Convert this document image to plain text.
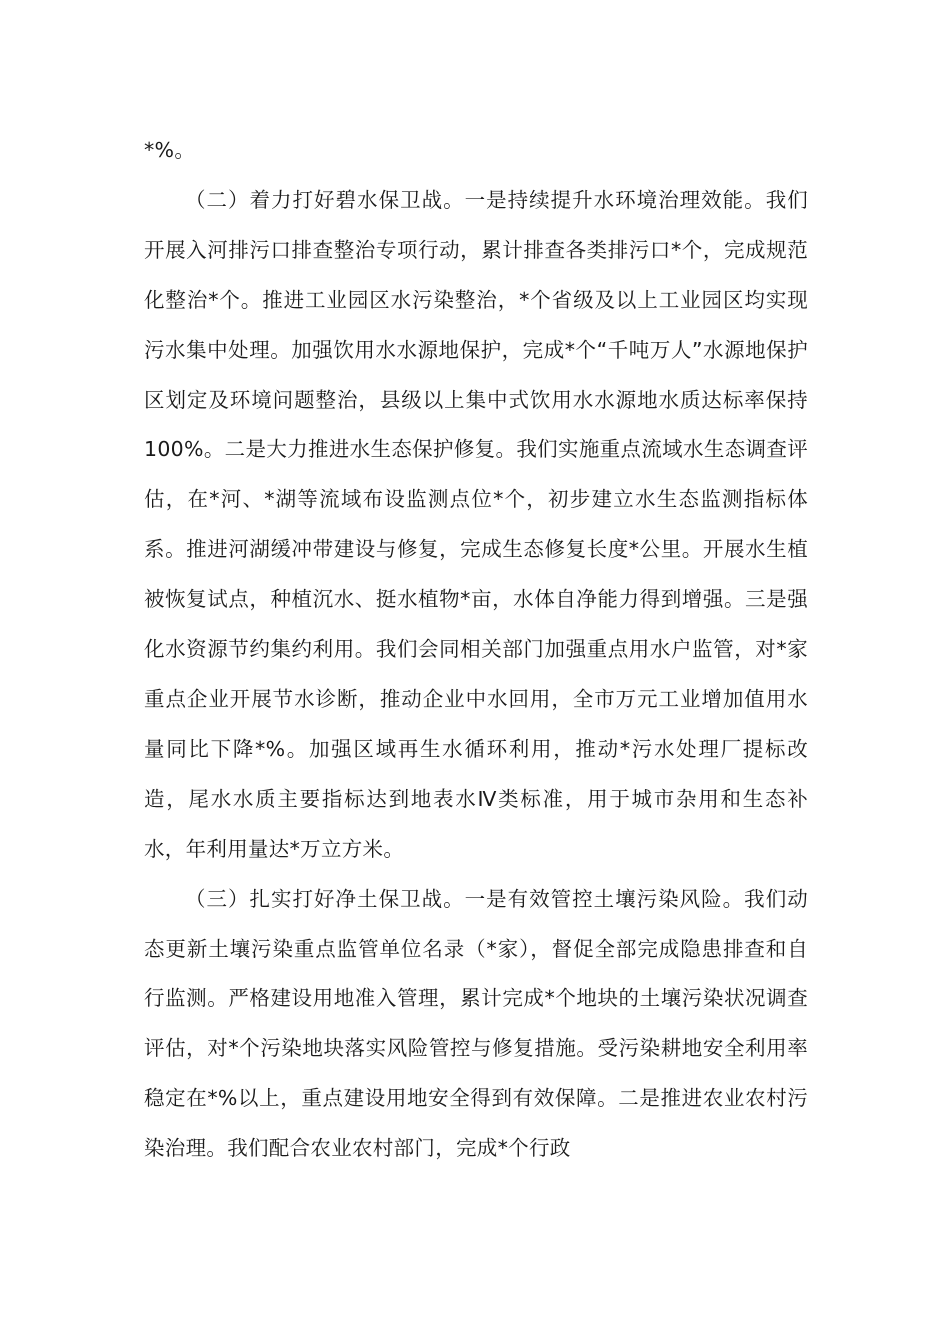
*%。

（二）着力打好碧水保卫战。一是持续提升水环境治理效能。我们开展入河排污口排查整治专项行动，累计排查各类排污口*个，完成规范化整治*个。推进工业园区水污染整治，*个省级及以上工业园区均实现污水集中处理。加强饮用水水源地保护，完成*个“千吨万人”水源地保护区划定及环境问题整治，县级以上集中式饮用水水源地水质达标率保持100%。二是大力推进水生态保护修复。我们实施重点流域水生态调查评估，在*河、*湖等流域布设监测点位*个，初步建立水生态监测指标体系。推进河湖缓冲带建设与修复，完成生态修复长度*公里。开展水生植被恢复试点，种植沉水、挺水植物*亩，水体自净能力得到增强。三是强化水资源节约集约利用。我们会同相关部门加强重点用水户监管，对*家重点企业开展节水诊断，推动企业中水回用，全市万元工业增加值用水量同比下降*%。加强区域再生水循环利用，推动*污水处理厂提标改造，尾水水质主要指标达到地表水Ⅳ类标准，用于城市杂用和生态补水，年利用量达*万立方米。

（三）扎实打好净土保卫战。一是有效管控土壤污染风险。我们动态更新土壤污染重点监管单位名录（*家），督促全部完成隐患排查和自行监测。严格建设用地准入管理，累计完成*个地块的土壤污染状况调查评估，对*个污染地块落实风险管控与修复措施。受污染耕地安全利用率稳定在*%以上，重点建设用地安全得到有效保障。二是推进农业农村污染治理。我们配合农业农村部门，完成*个行政
